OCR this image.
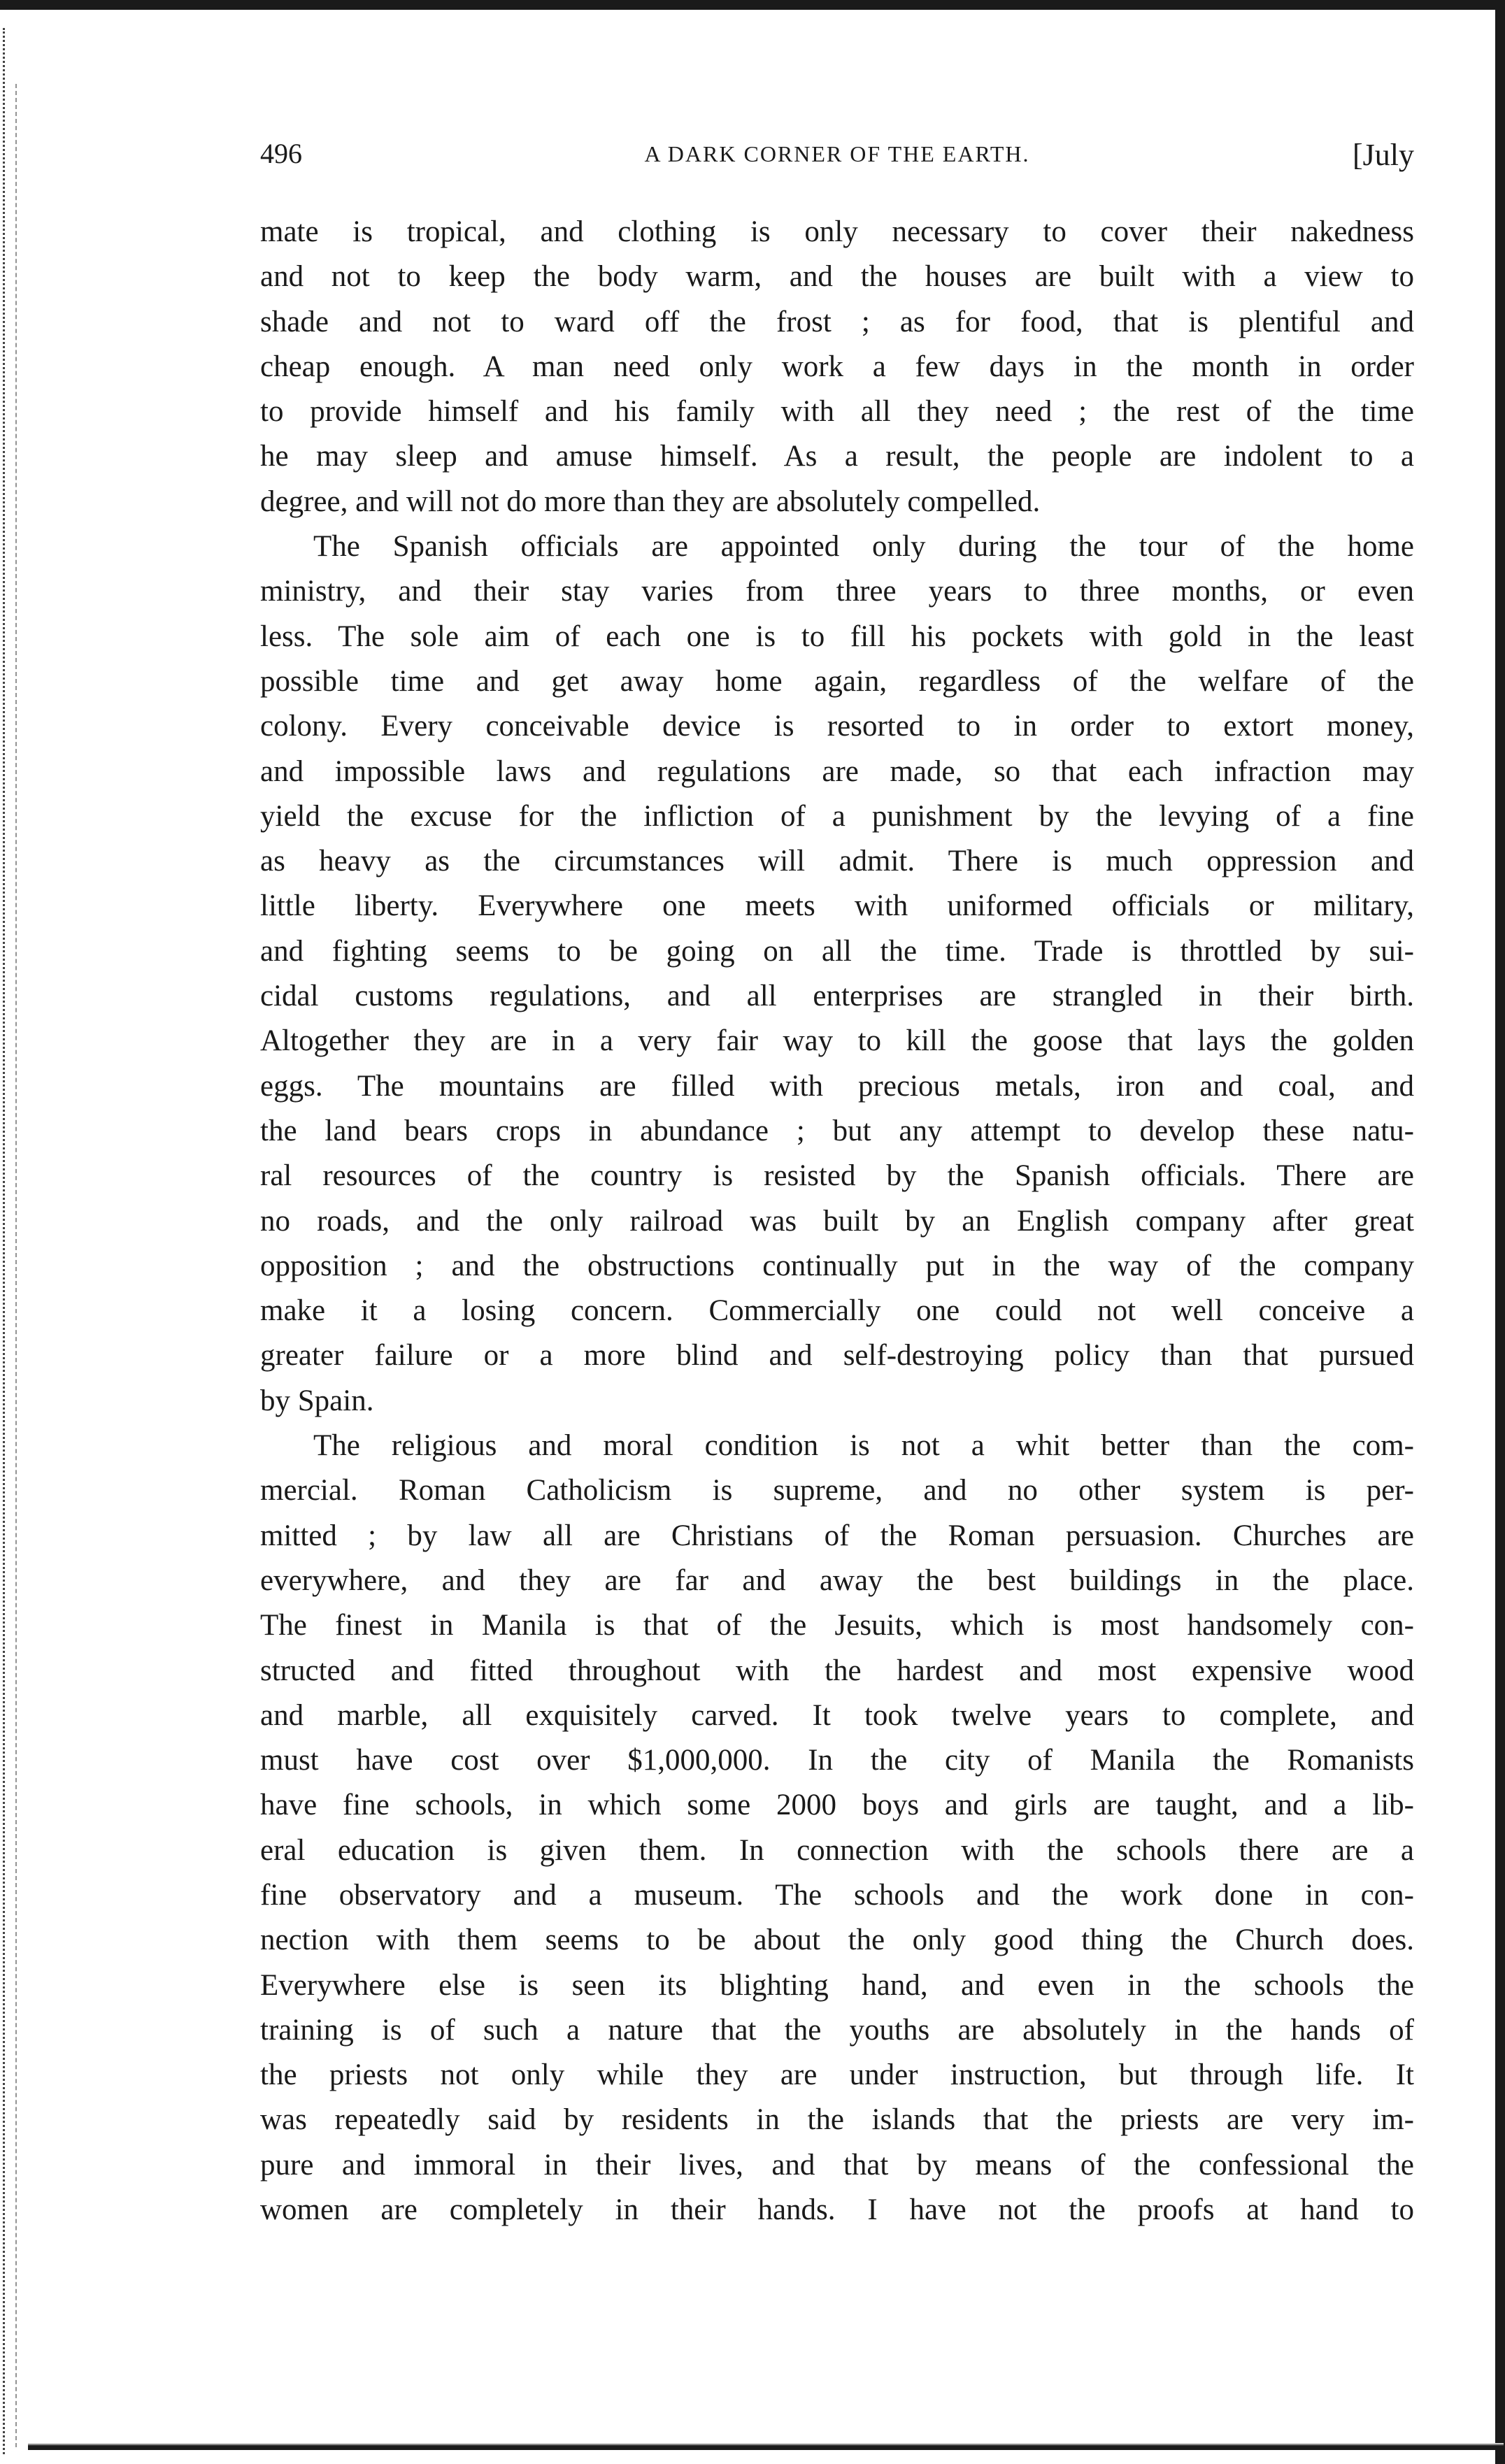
496	A DARK CORNER OF THE EARTH.	[July
mate is tropical, and clothing is only necessary to cover their nakedness
and not to keep the body warm, and the houses are built with a view to
shade and not to ward off the frost ; as for food, that is plentiful and
cheap enough. A man need only work a few days in the month in order
to provide himself and his family with all they need ; the rest of the time
he may sleep and amuse himself. As a result, the people are indolent to a
degree, and will not do more than they are absolutely compelled.
The Spanish officials are appointed only during the tour of the home
ministry, and their stay varies from three years to three months, or even
less. The sole aim of each one is to fill his pockets with gold in the least
possible time and get away home again, regardless of the welfare of the
colony. Every conceivable device is resorted to in order to extort money,
and impossible laws and regulations are made, so that each infraction may
yield the excuse for the infliction of a punishment by the levying of a fine
as heavy as the circumstances will admit. There is much oppression and
little liberty. Everywhere one meets with uniformed officials or military,
and fighting seems to be going on all the time. Trade is throttled by sui-
cidal customs regulations, and all enterprises are strangled in their birth.
Altogether they are in a very fair way to kill the goose that lays the golden
eggs. The mountains are filled with precious metals, iron and coal, and
the land bears crops in abundance ; but any attempt to develop these natu-
ral resources of the country is resisted by the Spanish officials. There are
no roads, and the only railroad was built by an English company after great
opposition ; and the obstructions continually put in the way of the company
make it a losing concern. Commercially one could not well conceive a
greater failure or a more blind and self-destroying policy than that pursued
by Spain.
The religious and moral condition is not a whit better than the com-
mercial. Roman Catholicism is supreme, and no other system is per-
mitted ; by law all are Christians of the Roman persuasion. Churches are
everywhere, and they are far and away the best buildings in the place.
The finest in Manila is that of the Jesuits, which is most handsomely con-
structed and fitted throughout with the hardest and most expensive wood
and marble, all exquisitely carved. It took twelve years to complete, and
must have cost over $1,000,000. In the city of Manila the Romanists
have fine schools, in which some 2000 boys and girls are taught, and a lib-
eral education is given them. In connection with the schools there are a
fine observatory and a museum. The schools and the work done in con-
nection with them seems to be about the only good thing the Church does.
Everywhere else is seen its blighting hand, and even in the schools the
training is of such a nature that the youths are absolutely in the hands of
the priests not only while they are under instruction, but through life. It
was repeatedly said by residents in the islands that the priests are very im-
pure and immoral in their lives, and that by means of the confessional the
women are completely in their hands. I have not the proofs at hand to
